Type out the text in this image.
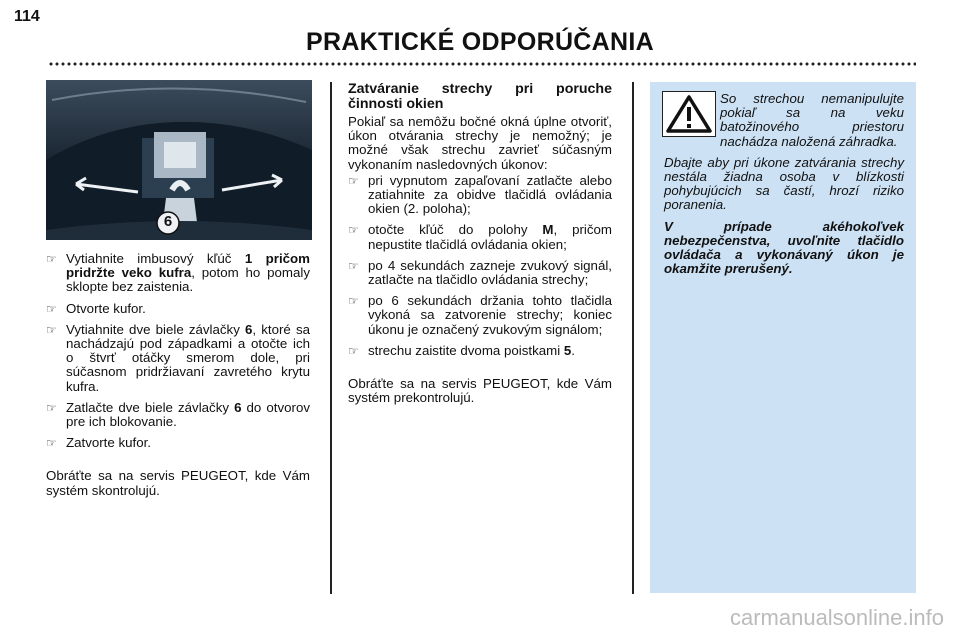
114
PRAKTICKÉ ODPORÚČANIA
6
☞ Vytiahnite imbusový kľúč 1 pričom pridržte veko kufra, potom ho pomaly sklopte bez zaistenia.
☞ Otvorte kufor.
☞ Vytiahnite dve biele závlačky 6, ktoré sa nachádzajú pod západkami a otočte ich o štvrť otáčky smerom dole, pri súčasnom pridržiavaní zavretého krytu kufra.
☞ Zatlačte dve biele závlačky 6 do otvorov pre ich blokovanie.
☞ Zatvorte kufor.

Obráťte sa na servis PEUGEOT, kde Vám systém skontrolujú.

Zatváranie strechy pri poruche činnosti okien

Pokiaľ sa nemôžu bočné okná úplne otvoriť, úkon otvárania strechy je nemožný; je možné však strechu zavrieť súčasným vykonaním nasledovných úkonov:

☞ pri vypnutom zapaľovaní zatlačte alebo zatiahnite za obidve tlačidlá ovládania okien (2. poloha);
☞ otočte kľúč do polohy M, pričom nepustite tlačidlá ovládania okien;
☞ po 4 sekundách zazneje zvukový signál, zatlačte na tlačidlo ovládania strechy;
☞ po 6 sekundách držania tohto tlačidla vykoná sa zatvorenie strechy; koniec úkonu je označený zvukovým signálom;
☞ strechu zaistite dvoma poistkami 5.

Obráťte sa na servis PEUGEOT, kde Vám systém prekontrolujú.

So strechou nemanipulujte pokiaľ sa na veku batožinového priestoru nachádza naložená záhradka.

Dbajte aby pri úkone zatvárania strechy nestála žiadna osoba v blízkosti pohybujúcich sa častí, hrozí riziko poranenia.

V prípade akéhokoľvek nebezpečenstva, uvoľnite tlačidlo ovládača a vykonávaný úkon je okamžite prerušený.

carmanualsonline.info
